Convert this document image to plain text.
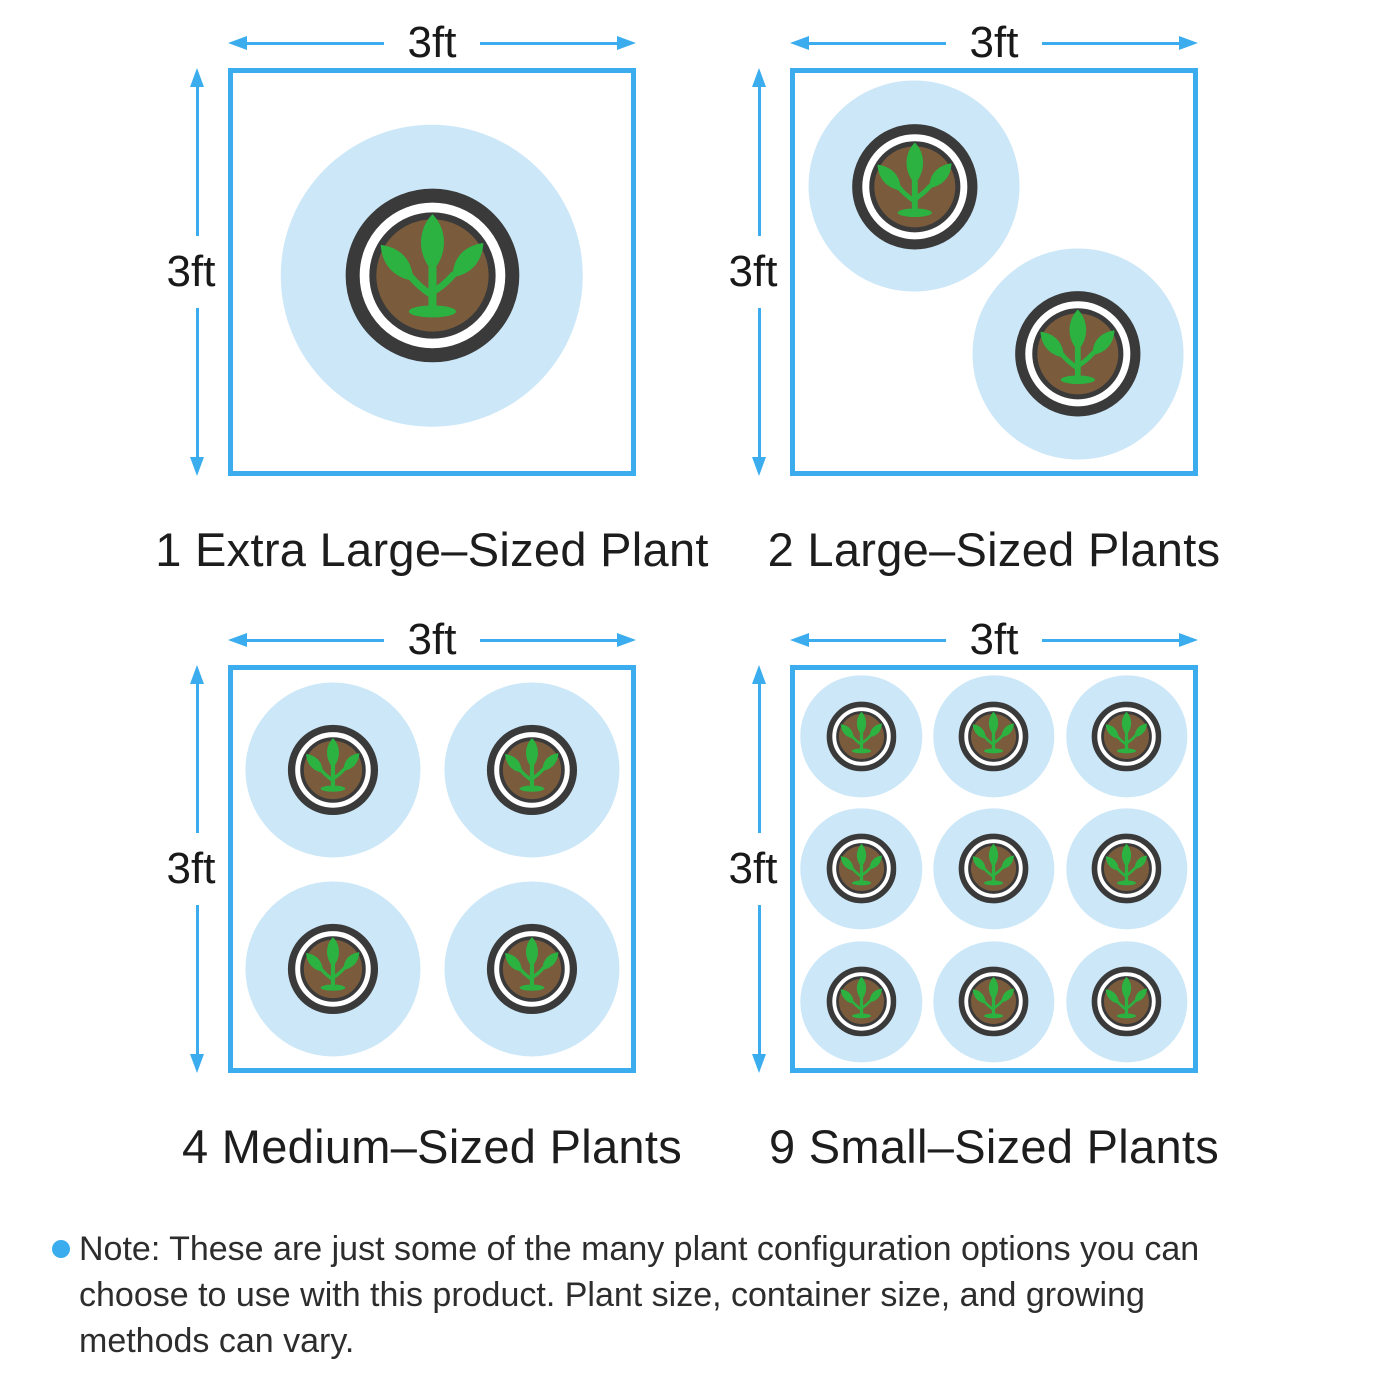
3ft
3ft
1 Extra Large–Sized Plant
3ft
3ft
2 Large–Sized Plants
3ft
3ft
4 Medium–Sized Plants
3ft
3ft
9 Small–Sized Plants
Note: These are just some of the many plant configuration options you can
choose to use with this product. Plant size, container size, and growing
methods can vary.
